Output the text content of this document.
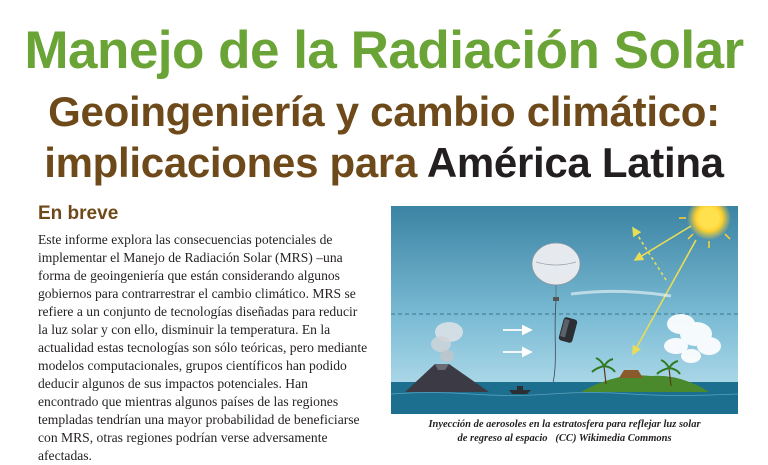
Manejo de la Radiación Solar
Geoingeniería y cambio climático:
implicaciones para América Latina
En breve
Este informe explora las consecuencias potenciales de implementar el Manejo de Radiación Solar (MRS) –una forma de geoingeniería que están considerando algunos gobiernos para contrarrestrar el cambio climático. MRS se refiere a un conjunto de tecnologías diseñadas para reducir la luz solar y con ello, disminuir la temperatura. En la actualidad estas tecnologías son sólo teóricas, pero mediante modelos computacionales, grupos científicos han podido deducir algunos de sus impactos potenciales. Han encontrado que mientras algunos países de las regiones templadas tendrían una mayor probabilidad de beneficiarse con MRS, otras regiones podrían verse adversamente afectadas.
Inyección de aerosoles en la estratosfera para reflejar luz solar
de regreso al espacio   (CC) Wikimedia Commons
